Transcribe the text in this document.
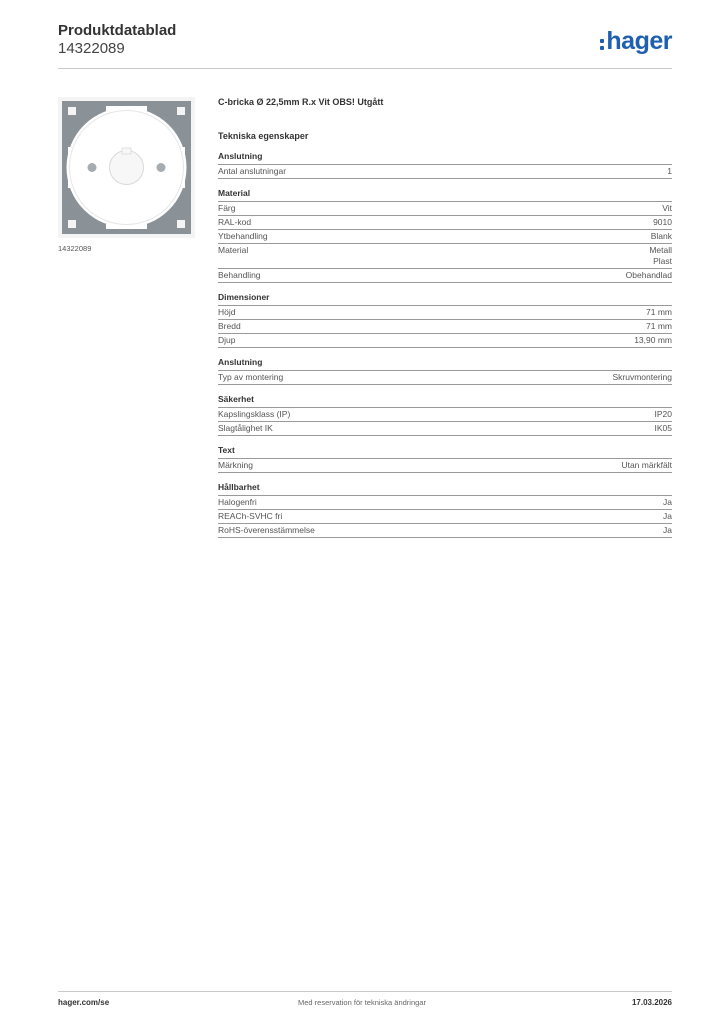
Produktdatablad
14322089	hager
14322089
C-bricka Ø 22,5mm R.x Vit OBS! Utgått
Tekniska egenskaper
Anslutning
Antal anslutningar	1
Material
Färg	Vit
RAL-kod	9010
Ytbehandling	Blank
Material	Metall
Plast
Behandling	Obehandlad
Dimensioner
Höjd	71 mm
Bredd	71 mm
Djup	13,90 mm
Anslutning
Typ av montering	Skruvmontering
Säkerhet
Kapslingsklass (IP)	IP20
Slagtålighet IK	IK05
Text
Märkning	Utan märkfält
Hållbarhet
Halogenfri	Ja
REACh-SVHC fri	Ja
RoHS-överensstämmelse	Ja
hager.com/se	Med reservation för tekniska ändringar	17.03.2026
